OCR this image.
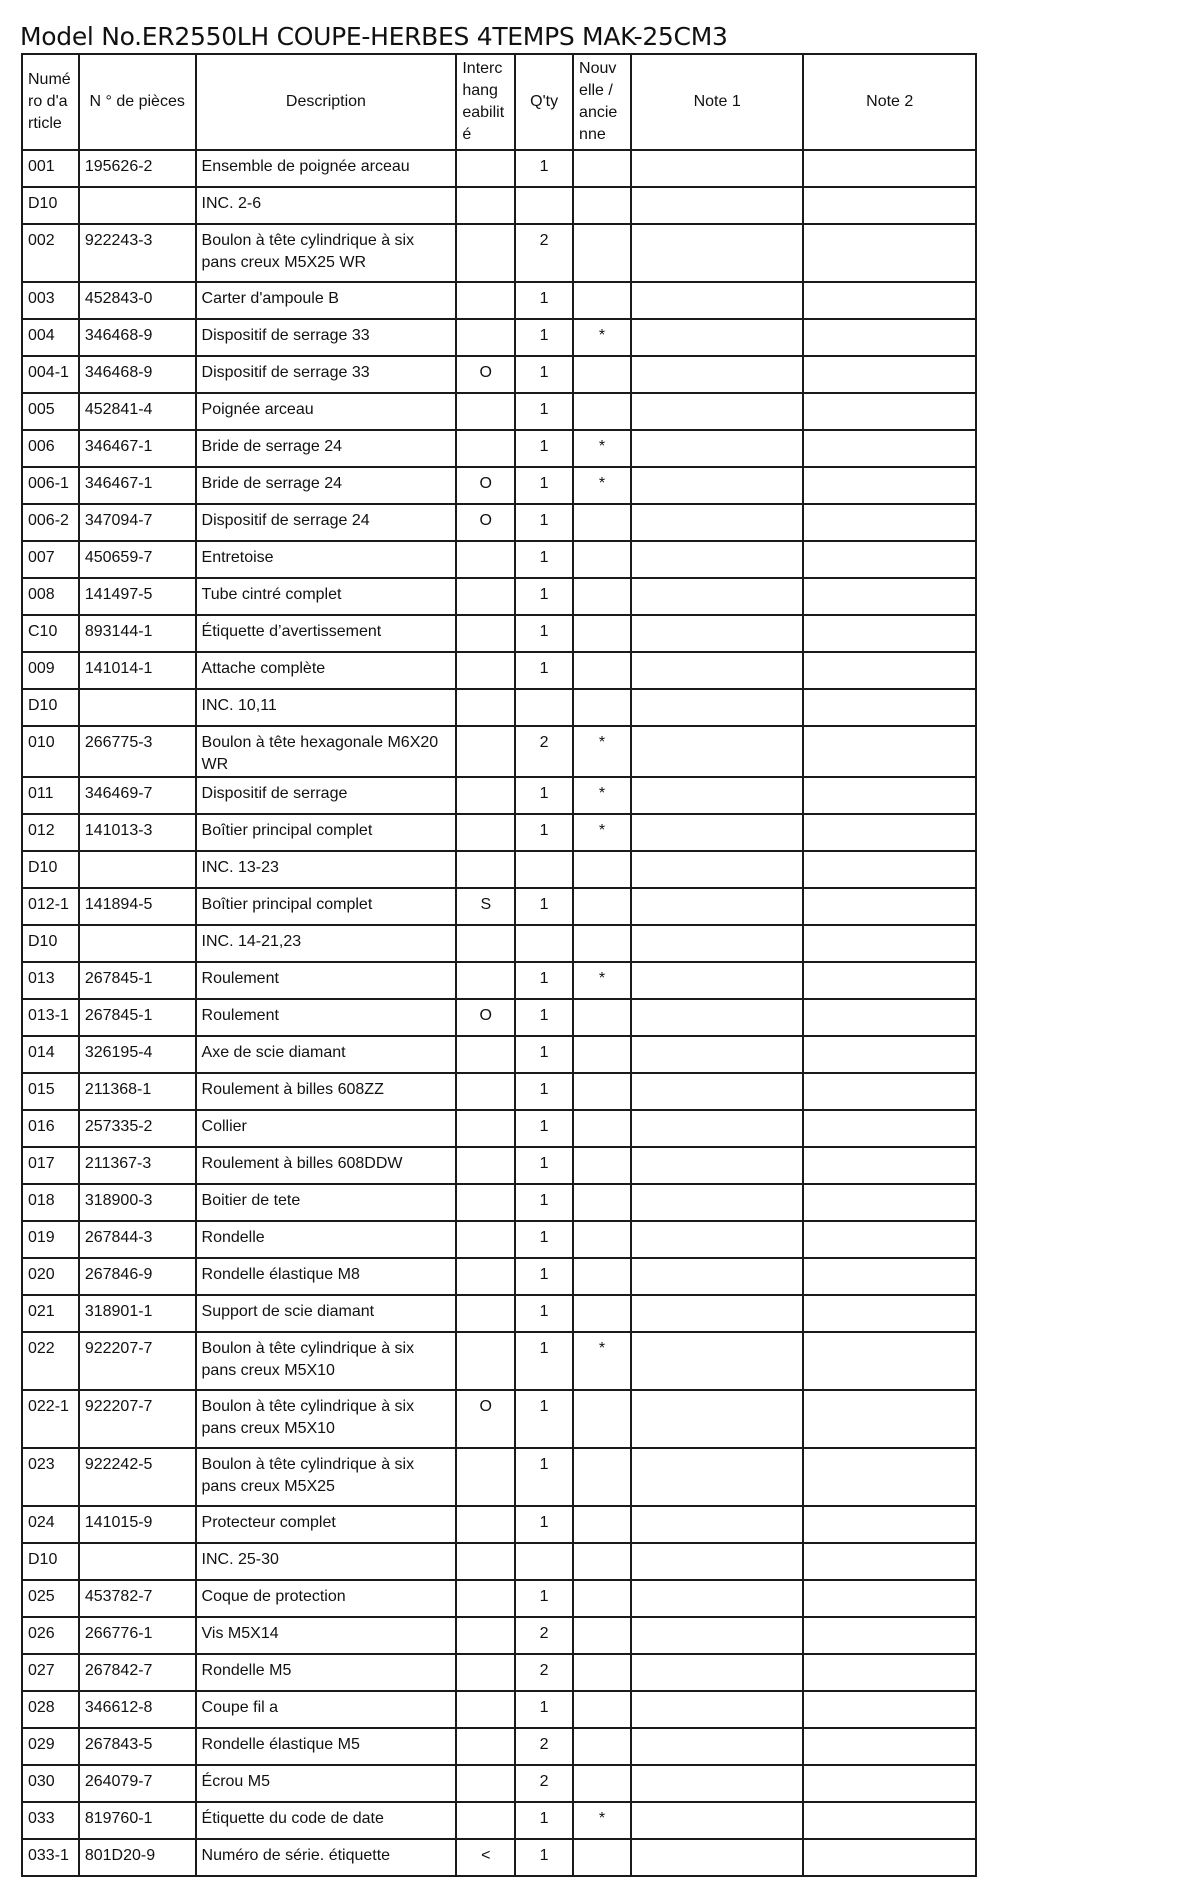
Model No.ER2550LH COUPE-HERBES 4TEMPS MAK-25CM3
Numé ro d'a rticle	N ° de pièces	Description	Interc hang eabilit é	Q'ty	Nouv elle / ancie nne	Note 1	Note 2
001	195626-2	Ensemble de poignée arceau		1			
D10		INC. 2-6					
002	922243-3	Boulon à tête cylindrique à six pans creux M5X25 WR		2			
003	452843-0	Carter d'ampoule B		1			
004	346468-9	Dispositif de serrage 33		1	*		
004-1	346468-9	Dispositif de serrage 33	O	1			
005	452841-4	Poignée arceau		1			
006	346467-1	Bride de serrage 24		1	*		
006-1	346467-1	Bride de serrage 24	O	1	*		
006-2	347094-7	Dispositif de serrage 24	O	1			
007	450659-7	Entretoise		1			
008	141497-5	Tube cintré complet		1			
C10	893144-1	Étiquette d’avertissement		1			
009	141014-1	Attache complète		1			
D10		INC. 10,11					
010	266775-3	Boulon à tête hexagonale M6X20 WR		2	*		
011	346469-7	Dispositif de serrage		1	*		
012	141013-3	Boîtier principal complet		1	*		
D10		INC. 13-23					
012-1	141894-5	Boîtier principal complet	S	1			
D10		INC. 14-21,23					
013	267845-1	Roulement		1	*		
013-1	267845-1	Roulement	O	1			
014	326195-4	Axe de scie diamant		1			
015	211368-1	Roulement à billes 608ZZ		1			
016	257335-2	Collier		1			
017	211367-3	Roulement à billes 608DDW		1			
018	318900-3	Boitier de tete		1			
019	267844-3	Rondelle		1			
020	267846-9	Rondelle élastique M8		1			
021	318901-1	Support de scie diamant		1			
022	922207-7	Boulon à tête cylindrique à six pans creux M5X10		1	*		
022-1	922207-7	Boulon à tête cylindrique à six pans creux M5X10	O	1			
023	922242-5	Boulon à tête cylindrique à six pans creux M5X25		1			
024	141015-9	Protecteur complet		1			
D10		INC. 25-30					
025	453782-7	Coque de protection		1			
026	266776-1	Vis M5X14		2			
027	267842-7	Rondelle M5		2			
028	346612-8	Coupe fil a		1			
029	267843-5	Rondelle élastique M5		2			
030	264079-7	Écrou M5		2			
033	819760-1	Étiquette du code de date		1	*		
033-1	801D20-9	Numéro de série. étiquette	<	1			
